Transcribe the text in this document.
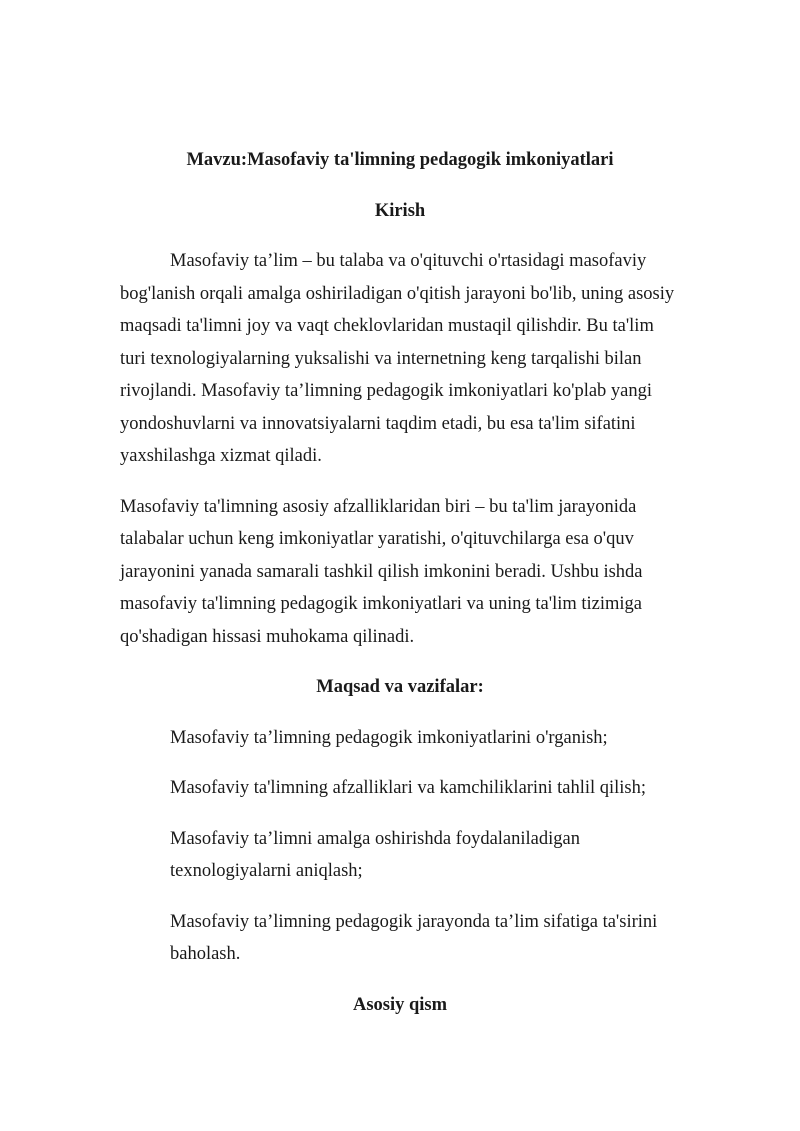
Mavzu:Masofaviy ta'limning pedagogik imkoniyatlari
Kirish

Masofaviy ta’lim – bu talaba va o'qituvchi o'rtasidagi masofaviy bog'lanish orqali amalga oshiriladigan o'qitish jarayoni bo'lib, uning asosiy maqsadi ta'limni joy va vaqt cheklovlaridan mustaqil qilishdir. Bu ta'lim turi texnologiyalarning yuksalishi va internetning keng tarqalishi bilan rivojlandi. Masofaviy ta’limning pedagogik imkoniyatlari ko'plab yangi yondoshuvlarni va innovatsiyalarni taqdim etadi, bu esa ta'lim sifatini yaxshilashga xizmat qiladi.

Masofaviy ta'limning asosiy afzalliklaridan biri – bu ta'lim jarayonida talabalar uchun keng imkoniyatlar yaratishi, o'qituvchilarga esa o'quv jarayonini yanada samarali tashkil qilish imkonini beradi. Ushbu ishda masofaviy ta'limning pedagogik imkoniyatlari va uning ta'lim tizimiga qo'shadigan hissasi muhokama qilinadi.

Maqsad va vazifalar:
Masofaviy ta’limning pedagogik imkoniyatlarini o'rganish;
Masofaviy ta'limning afzalliklari va kamchiliklarini tahlil qilish;
Masofaviy ta’limni amalga oshirishda foydalaniladigan texnologiyalarni aniqlash;
Masofaviy ta’limning pedagogik jarayonda ta’lim sifatiga ta'sirini baholash.
Asosiy qism
